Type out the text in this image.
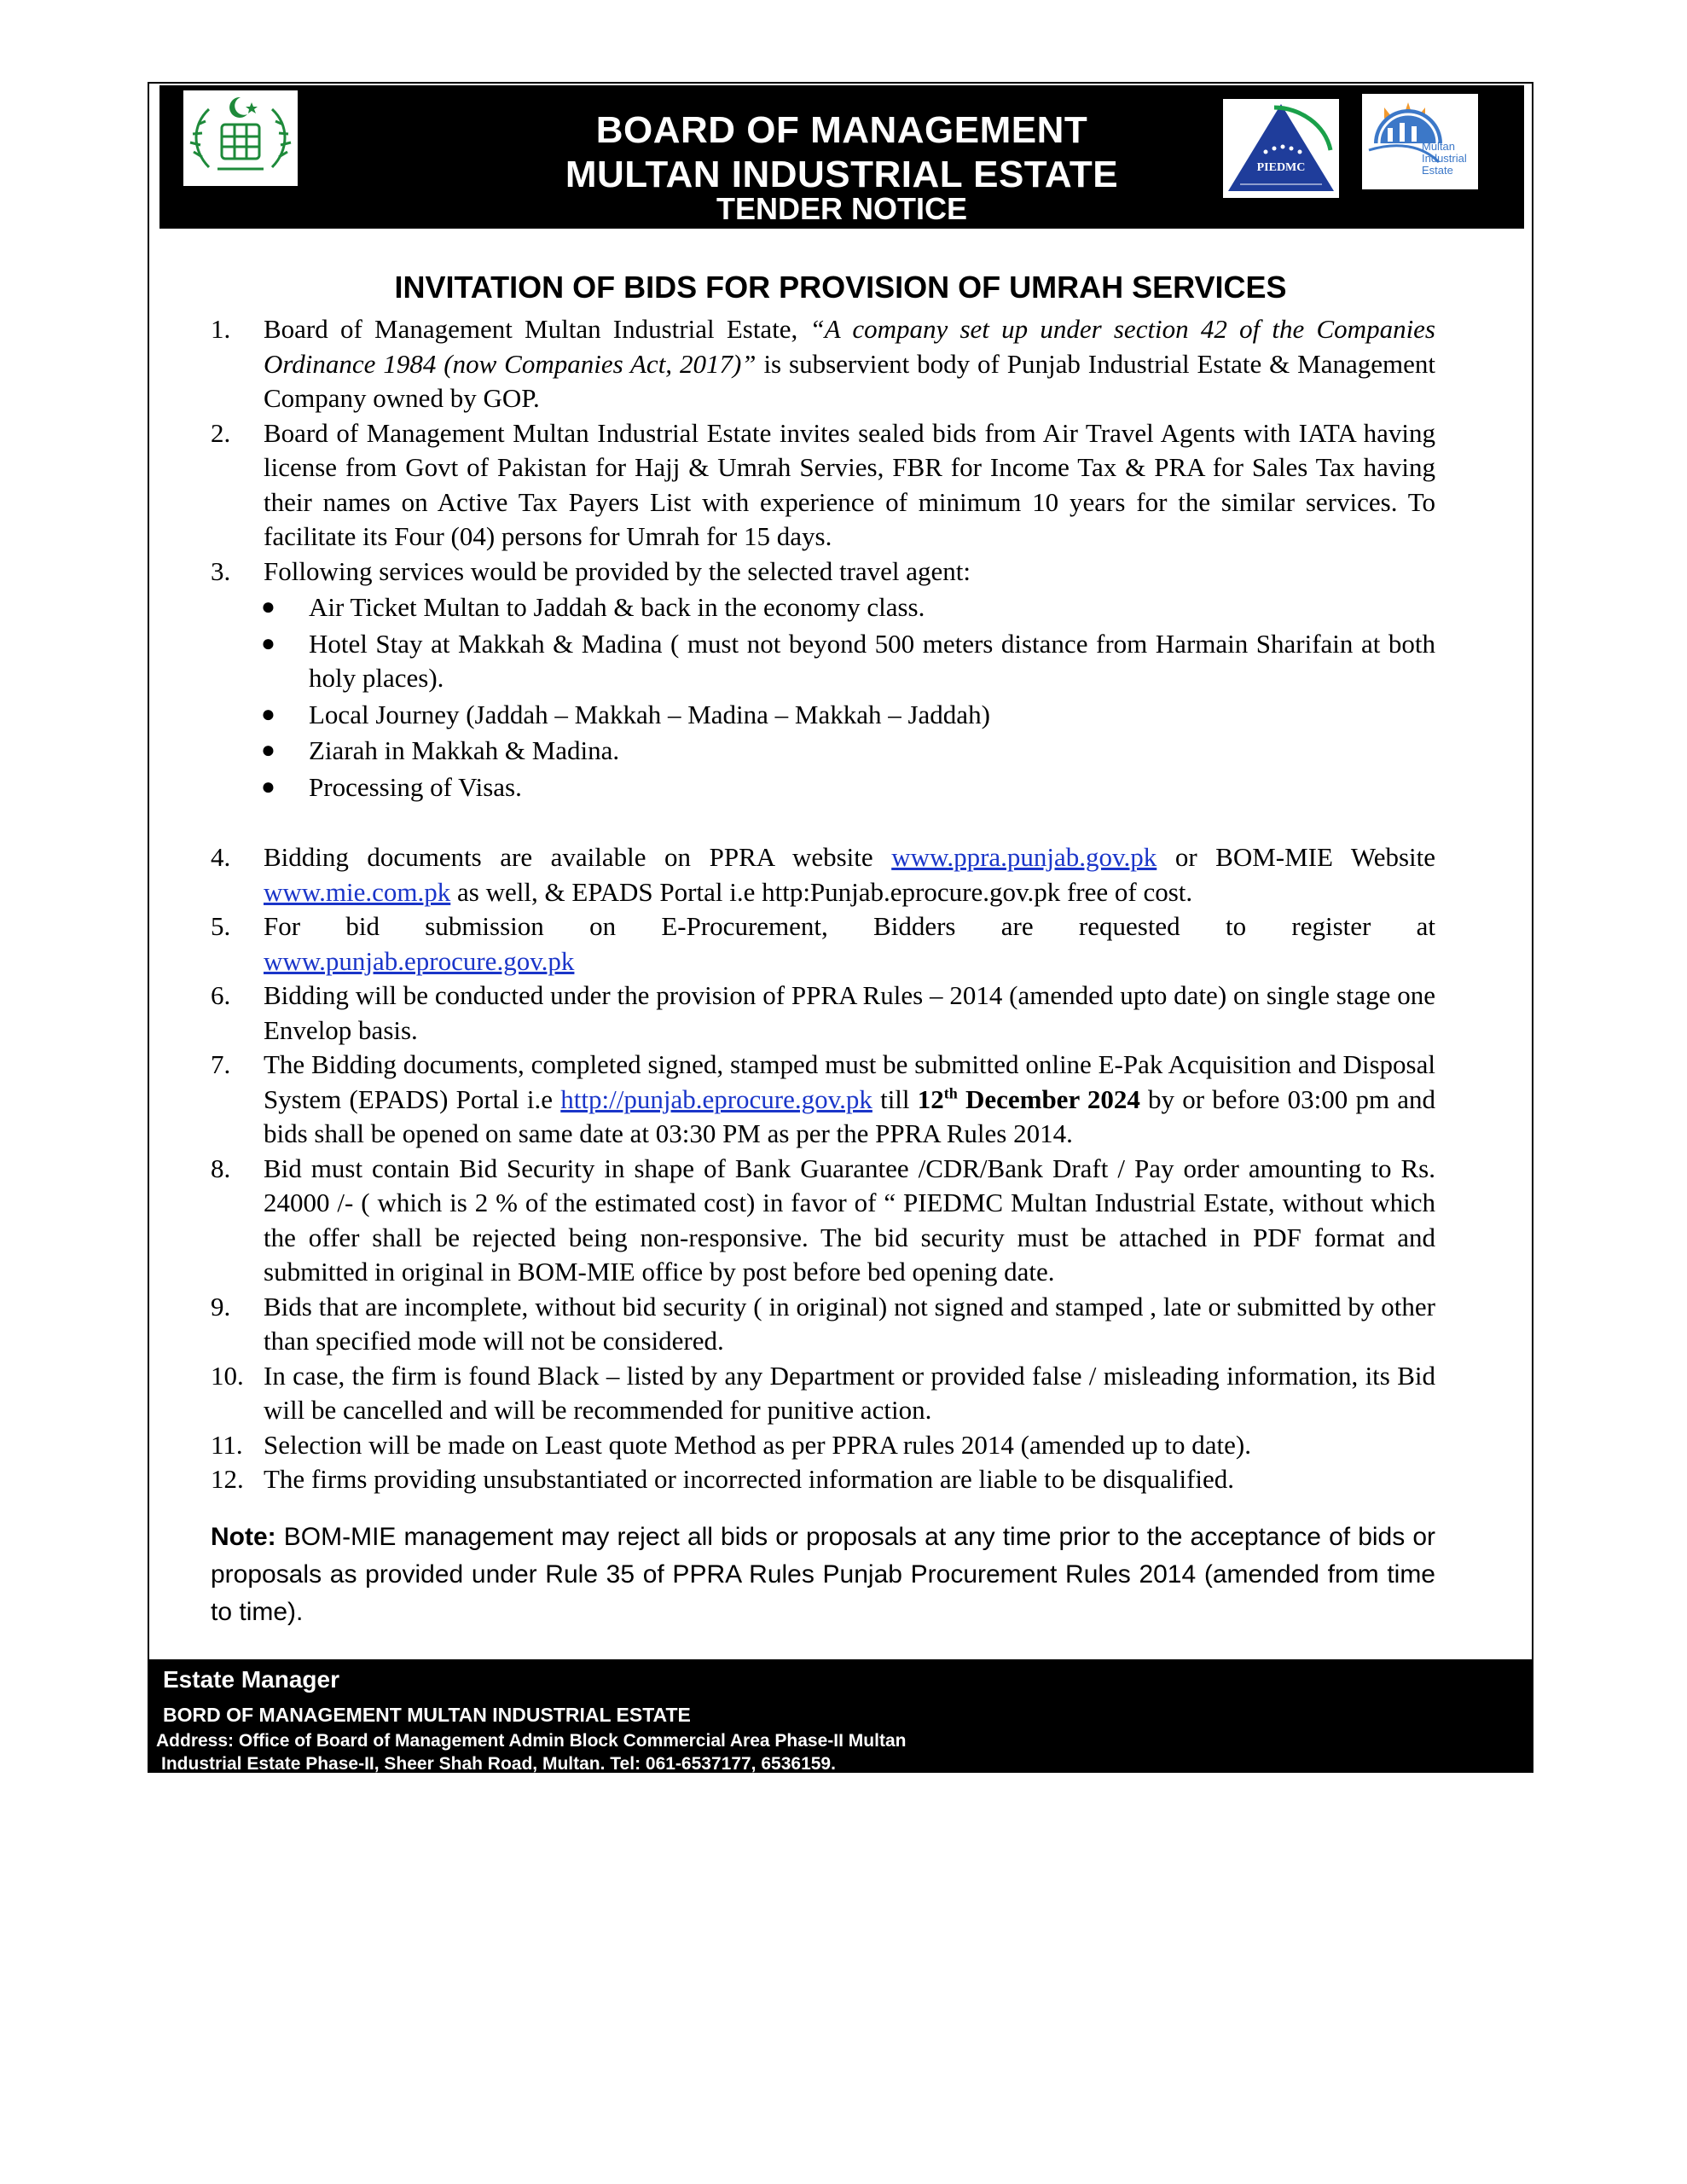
BOARD OF MANAGEMENT
MULTAN INDUSTRIAL ESTATE
TENDER NOTICE
PIEDMC
Multan
Industrial
Estate
INVITATION OF BIDS FOR PROVISION OF UMRAH SERVICES
1.	Board of Management Multan Industrial Estate, “A company set up under section 42 of the Companies Ordinance 1984 (now Companies Act, 2017)” is subservient body of Punjab Industrial Estate & Management Company owned by GOP.
2.	Board of Management Multan Industrial Estate invites sealed bids from Air Travel Agents with IATA having license from Govt of Pakistan for Hajj & Umrah Servies, FBR for Income Tax & PRA for Sales Tax having their names on Active Tax Payers List with experience of minimum 10 years for the similar services. To facilitate its Four (04) persons for Umrah for 15 days.
3.	Following services would be provided by the selected travel agent:
● Air Ticket Multan to Jaddah & back in the economy class.
● Hotel Stay at Makkah & Madina ( must not beyond 500 meters distance from Harmain Sharifain at both holy places).
● Local Journey (Jaddah – Makkah – Madina – Makkah – Jaddah)
● Ziarah in Makkah & Madina.
● Processing of Visas.
4.	Bidding documents are available on PPRA website www.ppra.punjab.gov.pk or BOM-MIE Website www.mie.com.pk as well, & EPADS Portal i.e http:Punjab.eprocure.gov.pk free of cost.
5.	For bid submission on E-Procurement, Bidders are requested to register at
www.punjab.eprocure.gov.pk
6.	Bidding will be conducted under the provision of PPRA Rules – 2014 (amended upto date) on single stage one Envelop basis.
7.	The Bidding documents, completed signed, stamped must be submitted online E-Pak Acquisition and Disposal System (EPADS) Portal i.e http://punjab.eprocure.gov.pk till 12th December 2024 by or before 03:00 pm and bids shall be opened on same date at 03:30 PM as per the PPRA Rules 2014.
8.	Bid must contain Bid Security in shape of Bank Guarantee /CDR/Bank Draft / Pay order amounting to Rs. 24000 /- ( which is 2 % of the estimated cost) in favor of “ PIEDMC Multan Industrial Estate, without which the offer shall be rejected being non-responsive. The bid security must be attached in PDF format and submitted in original in BOM-MIE office by post before bed opening date.
9.	Bids that are incomplete, without bid security ( in original) not signed and stamped , late or submitted by other than specified mode will not be considered.
10. In case, the firm is found Black – listed by any Department or provided false / misleading information, its Bid will be cancelled and will be recommended for punitive action.
11. Selection will be made on Least quote Method as per PPRA rules 2014 (amended up to date).
12. The firms providing unsubstantiated or incorrected information are liable to be disqualified.
Note: BOM-MIE management may reject all bids or proposals at any time prior to the acceptance of bids or proposals as provided under Rule 35 of PPRA Rules Punjab Procurement Rules 2014 (amended from time to time).
Estate Manager
BORD OF MANAGEMENT MULTAN INDUSTRIAL ESTATE
Address: Office of Board of Management Admin Block Commercial Area Phase-II Multan
Industrial Estate Phase-II, Sheer Shah Road, Multan. Tel: 061-6537177, 6536159.
